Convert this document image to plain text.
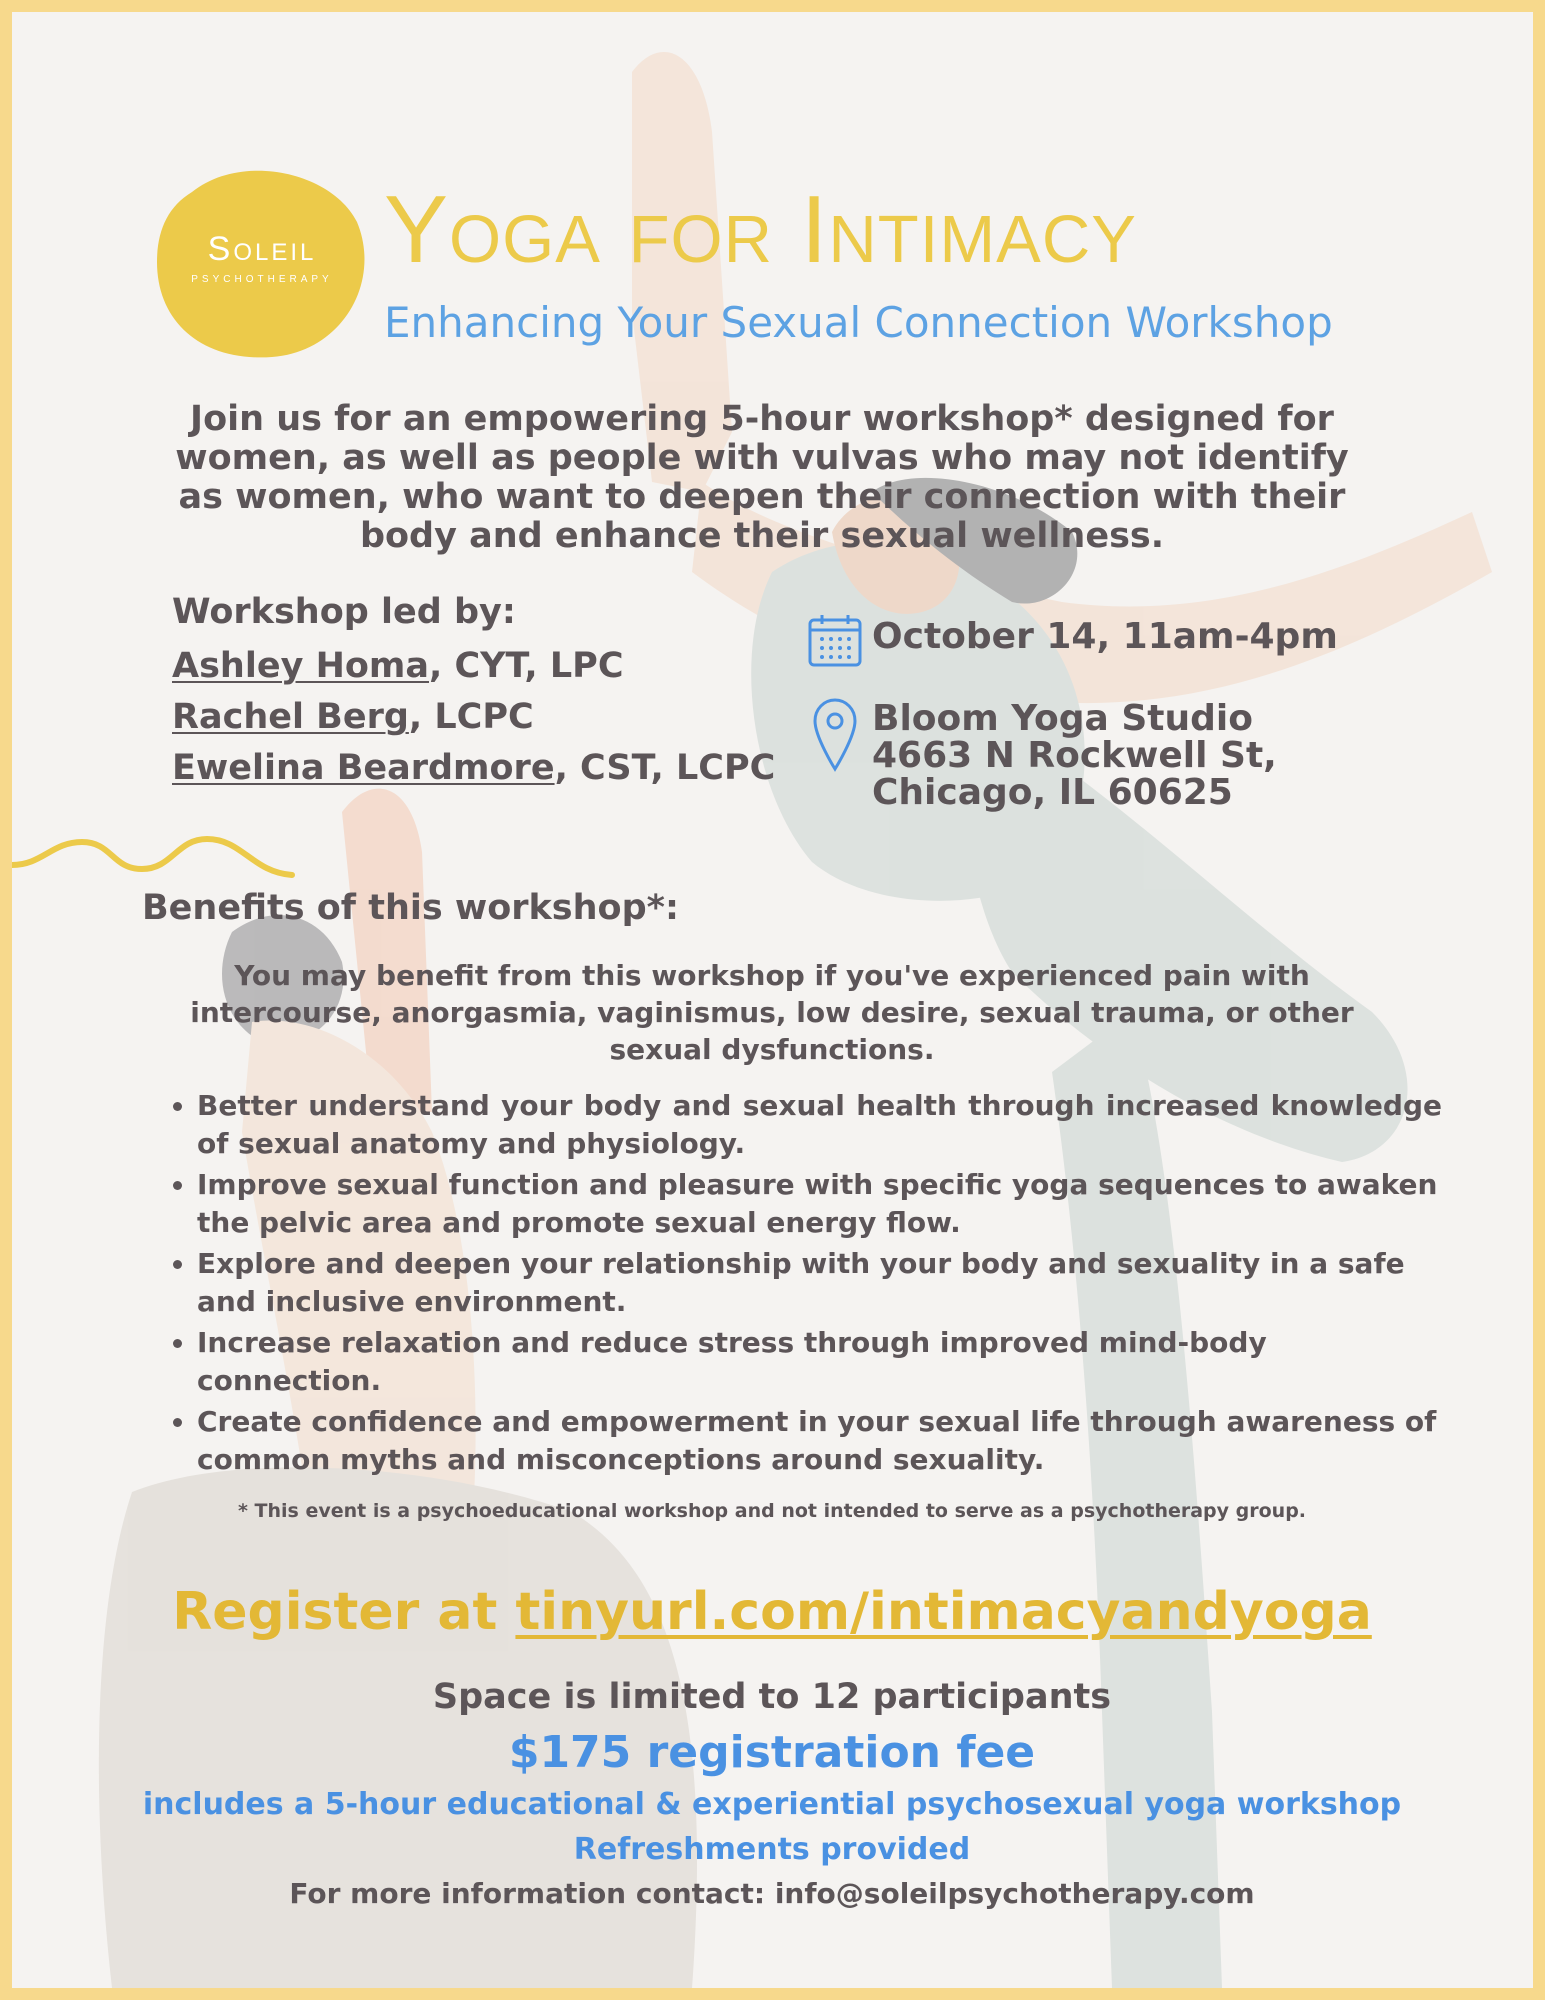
Soleil
PSYCHOTHERAPY Yoga for Intimacy
Enhancing Your Sexual Connection Workshop
Join us for an empowering 5-hour workshop* designed for women, as well as people with vulvas who may not identify as women, who want to deepen their connection with their body and enhance their sexual wellness.
Workshop led by:
Ashley Homa, CYT, LPC
Rachel Berg, LCPC
Ewelina Beardmore, CST, LCPC
October 14, 11am-4pm
Bloom Yoga Studio
4663 N Rockwell St,
Chicago, IL 60625
Benefits of this workshop*:
You may benefit from this workshop if you've experienced pain with intercourse, anorgasmia, vaginismus, low desire, sexual trauma, or other sexual dysfunctions.
• Better understand your body and sexual health through increased knowledge of sexual anatomy and physiology.
• Improve sexual function and pleasure with specific yoga sequences to awaken the pelvic area and promote sexual energy flow.
• Explore and deepen your relationship with your body and sexuality in a safe and inclusive environment.
• Increase relaxation and reduce stress through improved mind-body connection.
• Create confidence and empowerment in your sexual life through awareness of common myths and misconceptions around sexuality.
* This event is a psychoeducational workshop and not intended to serve as a psychotherapy group.
Register at tinyurl.com/intimacyandyoga
Space is limited to 12 participants
$175 registration fee
includes a 5-hour educational & experiential psychosexual yoga workshop
Refreshments provided
For more information contact: info@soleilpsychotherapy.com
